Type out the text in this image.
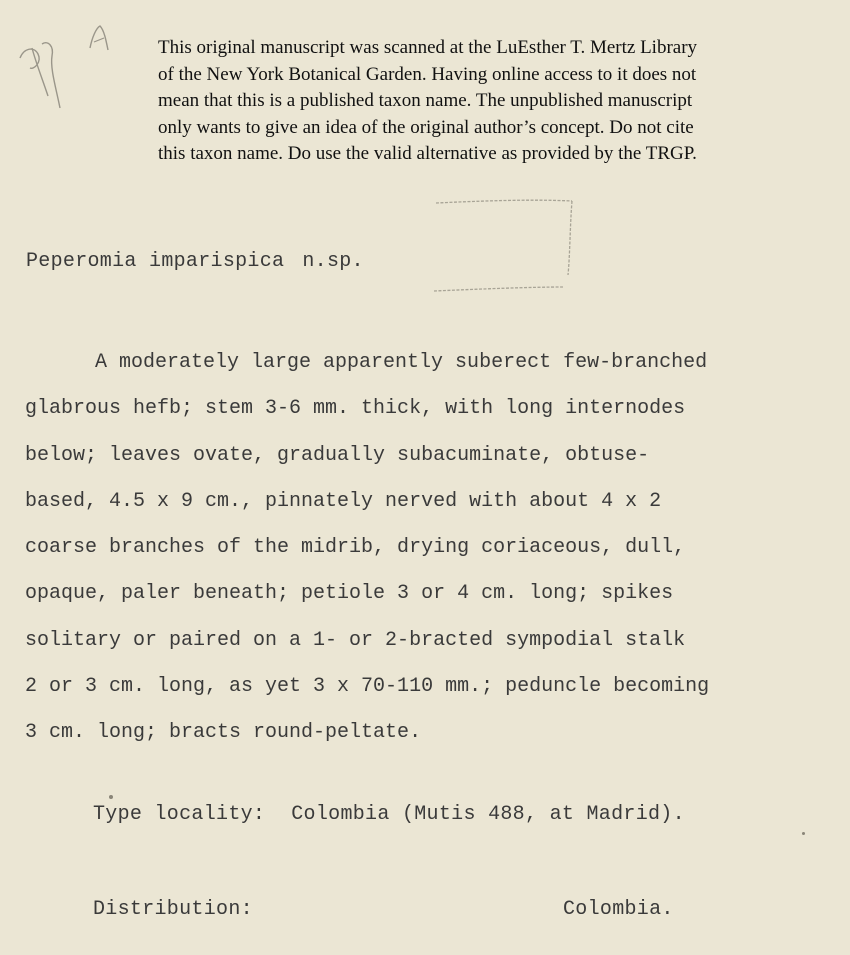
This original manuscript was scanned at the LuEsther T. Mertz Library
of the New York Botanical Garden. Having online access to it does not
mean that this is a published taxon name. The unpublished manuscript
only wants to give an idea of the original author’s concept. Do not cite
this taxon name. Do use the valid alternative as provided by the TRGP.
Peperomia imparispica n.sp.
A moderately large apparently suberect few-branched
glabrous hefb; stem 3-6 mm. thick, with long internodes
below; leaves ovate, gradually subacuminate, obtuse-
based, 4.5 x 9 cm., pinnately nerved with about 4 x 2
coarse branches of the midrib, drying coriaceous, dull,
opaque, paler beneath; petiole 3 or 4 cm. long; spikes
solitary or paired on a 1- or 2-bracted sympodial stalk
2 or 3 cm. long, as yet 3 x 70-110 mm.; peduncle becoming
3 cm. long; bracts round-peltate.
Type locality: Colombia (Mutis 488, at Madrid).
Distribution:	Colombia.
